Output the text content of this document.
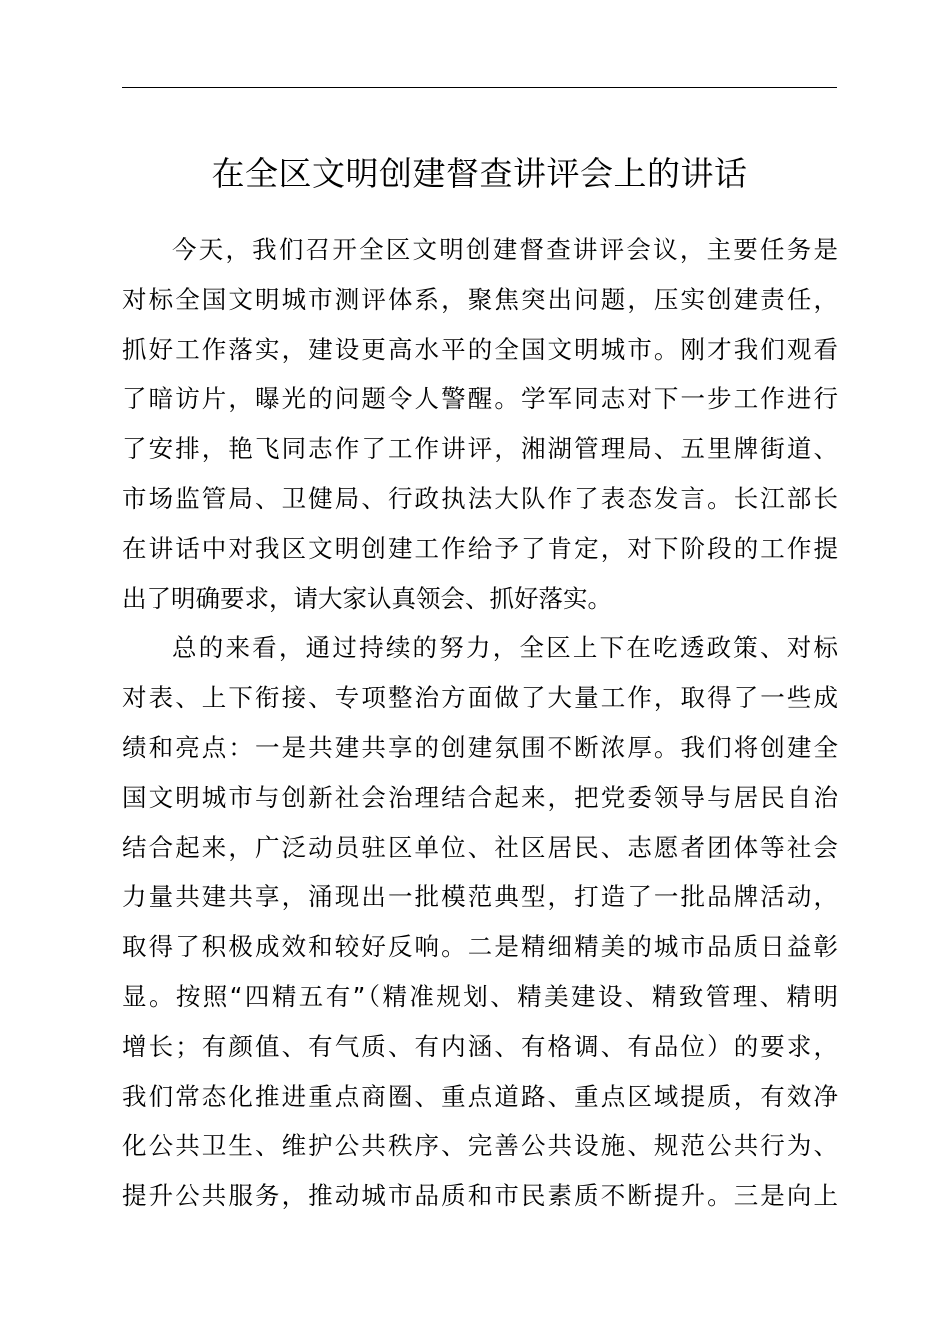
在全区文明创建督查讲评会上的讲话
今天，我们召开全区文明创建督查讲评会议，主要任务是
对标全国文明城市测评体系，聚焦突出问题，压实创建责任，
抓好工作落实，建设更高水平的全国文明城市。刚才我们观看
了暗访片，曝光的问题令人警醒。学军同志对下一步工作进行
了安排，艳飞同志作了工作讲评，湘湖管理局、五里牌街道、
市场监管局、卫健局、行政执法大队作了表态发言。长江部长
在讲话中对我区文明创建工作给予了肯定，对下阶段的工作提
出了明确要求，请大家认真领会、抓好落实。
总的来看，通过持续的努力，全区上下在吃透政策、对标
对表、上下衔接、专项整治方面做了大量工作，取得了一些成
绩和亮点：一是共建共享的创建氛围不断浓厚。我们将创建全
国文明城市与创新社会治理结合起来，把党委领导与居民自治
结合起来，广泛动员驻区单位、社区居民、志愿者团体等社会
力量共建共享，涌现出一批模范典型，打造了一批品牌活动，
取得了积极成效和较好反响。二是精细精美的城市品质日益彰
显。按照“四精五有”（精准规划、精美建设、精致管理、精明
增长；有颜值、有气质、有内涵、有格调、有品位）的要求，
我们常态化推进重点商圈、重点道路、重点区域提质，有效净
化公共卫生、维护公共秩序、完善公共设施、规范公共行为、
提升公共服务，推动城市品质和市民素质不断提升。三是向上
